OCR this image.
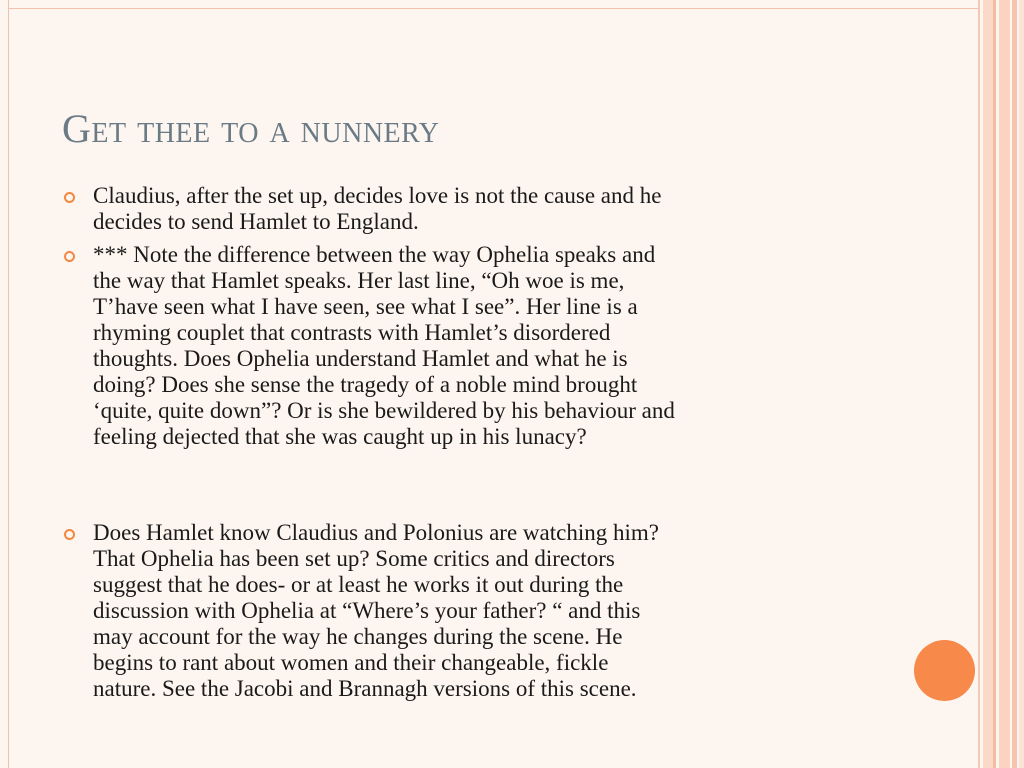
Get thee to a nunnery
Claudius, after the set up, decides love is not the cause and he
decides to send Hamlet to England.
*** Note the difference between the way Ophelia speaks and
the way that Hamlet speaks. Her last line, “Oh woe is me,
T’have seen what I have seen, see what I see”. Her line is a
rhyming couplet that contrasts with Hamlet’s disordered
thoughts. Does Ophelia understand Hamlet and what he is
doing? Does she sense the tragedy of a noble mind brought
‘quite, quite down”? Or is she bewildered by his behaviour and
feeling dejected that she was caught up in his lunacy?
Does Hamlet know Claudius and Polonius are watching him?
That Ophelia has been set up? Some critics and directors
suggest that he does- or at least he works it out during the
discussion with Ophelia at “Where’s your father? “ and this
may account for the way he changes during the scene. He
begins to rant about women and their changeable, fickle
nature. See the Jacobi and Brannagh versions of this scene.
